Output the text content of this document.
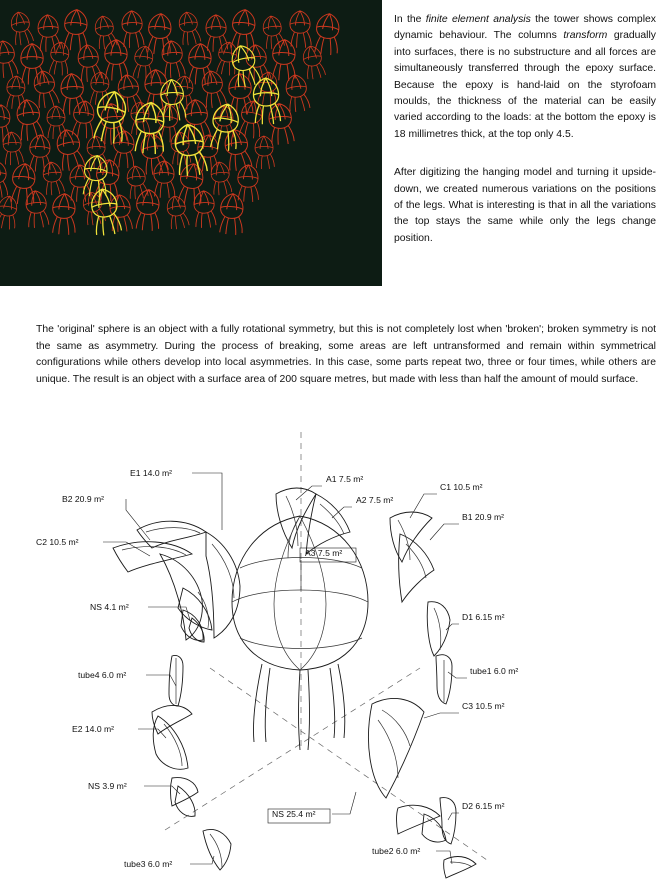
In the finite element analysis the tower shows complex dynamic behaviour. The columns transform gradually into surfaces, there is no substructure and all forces are simultaneously transferred through the epoxy surface. Because the epoxy is hand-laid on the styrofoam moulds, the thickness of the material can be easily varied according to the loads: at the bottom the epoxy is 18 millimetres thick, at the top only 4.5.
After digitizing the hanging model and turning it upside-down, we created numerous variations on the positions of the legs. What is interesting is that in all the variations the top stays the same while only the legs change position.
The 'original' sphere is an object with a fully rotational symmetry, but this is not completely lost when 'broken'; broken symmetry is not the same as asymmetry. During the process of breaking, some areas are left untransformed and remain within symmetrical configurations while others develop into local asymmetries. In this case, some parts repeat two, three or four times, while others are unique. The result is an object with a surface area of 200 square metres, but made with less than half the amount of mould surface.
E1 14.0 m²
B2 20.9 m²
C2 10.5 m²
NS 4.1 m²
tube4 6.0 m²
E2 14.0 m²
NS 3.9 m²
tube3 6.0 m²
A1 7.5 m²
A2 7.5 m²
A3 7.5 m²
NS 25.4 m²
tube2 6.0 m²
C1 10.5 m²
B1 20.9 m²
D1 6.15 m²
tube1 6.0 m²
C3 10.5 m²
D2 6.15 m²
